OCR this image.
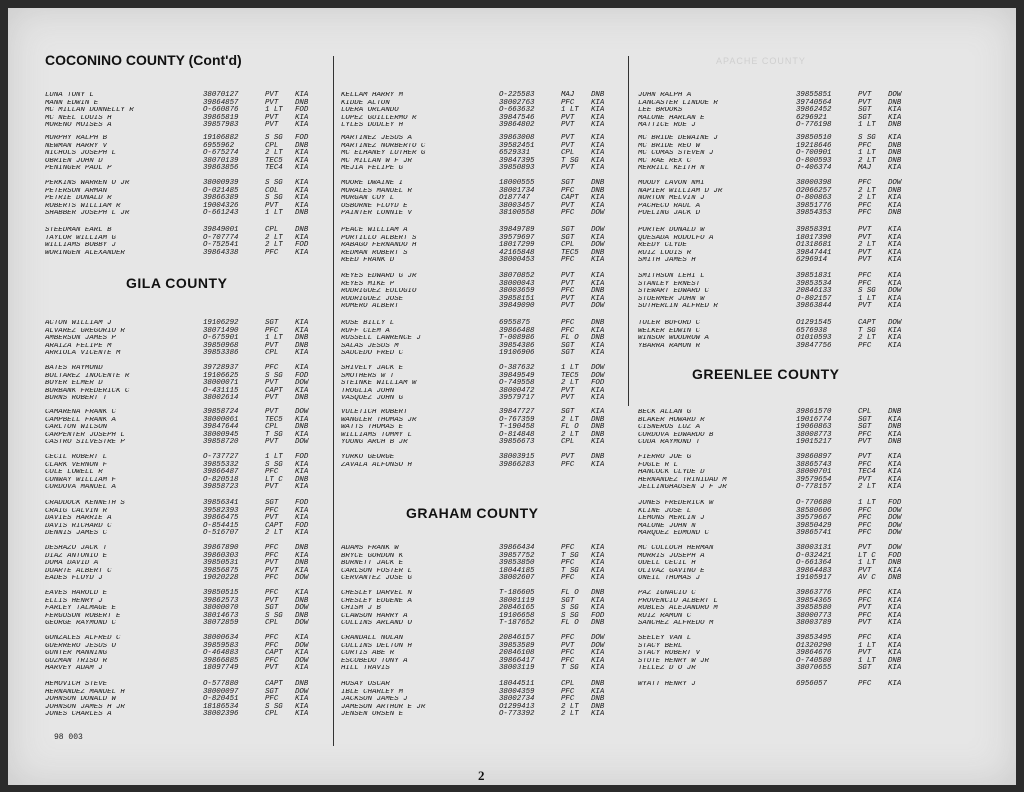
APACHE COUNTY
COCONINO COUNTY (Cont'd)
GILA COUNTY
GRAHAM COUNTY
GREENLEE COUNTY
LUNA TONY L	38070127	PVT	KIA
MANN EDWIN E	39864857	PVT	DNB
MC MILLAN DONNELLY R	O-660876	1 LT	FOD
MC NEEL LOUIS H	39865819	PVT	KIA
MORENO MOISES A	39857983	PVT	KIA
MURPHY RALPH B	19106882	S SG	FOD
NEWMAN HARRY V	6955962	CPL	DNB
NICHOLS JOSEPH L	O-675274	2 LT	KIA
OBRIEN JOHN D	38070139	TEC5	KIA
PENINGER PAUL P	39863856	TEC4	KIA
PERKINS WARREN O JR	38000939	S SG	KIA
PETERSON ARMAN	O-021485	COL	KIA
PETRIE DONALD R	39866389	S SG	KIA
ROBERTS WILLIAM R	19004326	PVT	KIA
SHABBER JOSEPH L JR	O-661243	1 LT	DNB
STEEDMAN EARL B	39849001	CPL	DNB
TAYLOR WILLIAM G	O-707774	2 LT	KIA
WILLIAMS BOBBY J	O-752541	2 LT	FOD
WORINGEN ALEXANDER	39864338	PFC	KIA
ACTON WILLIAM J	19106292	SGT	KIA
ALVAREZ GREGORIO R	38071490	PFC	KIA
AMBERSON JAMES P	O-675901	1 LT	DNB
ARAIZA FELIPE M	39850968	PVT	DNB
ARRIOLA VICENTE M	39853386	CPL	KIA
BATES RAYMOND	39728937	PFC	KIA
BOLTAREZ INOCENTE R	19106625	S SG	FOD
BOYER ELMER D	38000071	PVT	DOW
BURBANK FREDERICK C	O-431115	CAPT	KIA
BURNS ROBERT T	38002614	PVT	DNB
CAMARENA FRANK C	39858724	PVT	DOW
CAMPBELL FRANK A	38000061	TEC5	KIA
CARLTON WILSON	39847644	CPL	DNB
CARPENTER JOSEPH L	38000945	T SG	KIA
CASTRO SILVESTRE P	39858720	PVT	DOW
CECIL ROBERT L	O-737727	1 LT	FOD
CLARK VERNON F	39855332	S SG	KIA
COLE LOWELL R	39866487	PFC	KIA
CONWAY WILLIAM F	O-820518	LT C	DNB
CORDOVA MANUEL A	39858723	PVT	KIA
CRADDOCK KENNETH S	39856341	SGT	FOD
CRAIG CALVIN R	39582393	PFC	KIA
DAVIES HARRIE A	39866475	PVT	KIA
DAVIS RICHARD C	O-854415	CAPT	FOD
DENNIS JAMES C	O-516707	2 LT	KIA
DESHAZO JACK T	39867890	PFC	DNB
DIAZ ANTONIO E	39860303	PFC	KIA
DOMA DAVID A	39850531	PVT	DNB
DUARTE ALBERT C	39856875	PVT	KIA
EADES FLOYD J	19020228	PFC	DOW
EAVES HAROLD E	39850515	PFC	KIA
ELLIS HENRY J	39862573	PVT	DNB
FARLEY TALMAGE E	38000070	SGT	DOW
FERGUSON ROBERT E	38014673	S SG	DNB
GEORGE RAYMOND C	38072859	CPL	DOW
GONZALES ALFRED C	38000634	PFC	KIA
GUERRERO JESUS O	39859583	PFC	DOW
GUNTER MANNING	O-464883	CAPT	KIA
GUZMAN TRISO R	39866885	PFC	DOW
HARVEY ADAM J	18097749	PVT	KIA
HEMOVICH STEVE	O-577880	CAPT	DNB
HERNANDEZ MANUEL H	38000097	SGT	DOW
JOHNSON DONALD W	O-820451	PFC	KIA
JOHNSON JAMES H JR	18186534	S SG	KIA
JONES CHARLES A	38002396	CPL	KIA
KELLAM HARRY M	O-225583	MAJ	DNB
KIDDE ALTON	38002763	PFC	KIA
LOERA ORLANDO	O-663632	1 LT	KIA
LOPEZ GUILLERMO R	39847546	PVT	KIA
LYLES DUDLEY H	39864802	PVT	KIA
MARTINEZ JESUS A	39863008	PVT	KIA
MARTINEZ NORBERTO C	39582451	PVT	KIA
MC ELHANEY LUTHER G	6529331	CPL	KIA
MC MILLAN W F JR	39847395	T SG	KIA
MEJIA FELIPE G	39850893	PVT	KIA
MOORE DWAINE I	18000555	SGT	DNB
MORALES MANUEL R	38001734	PFC	DNB
MORGAN COY L	O187747	CAPT	KIA
OSBORNE FLOYD E	38003457	PVT	KIA
PAINTER LONNIE V	38100558	PFC	DOW
PEACE WILLIAM A	39849789	SGT	DOW
PORTILLO ALBERT S	39579697	SGT	KIA
RABAGO FERNANDO H	18017299	CPL	DOW
REDMAN ROBERT S	42165848	TEC5	DNB
REED FRANK D	38000453	PFC	KIA
REYES EDWARD G JR	38070852	PVT	KIA
REYES MIKE P	38000043	PVT	KIA
RODRIGUEZ EULOGIO	38003659	PFC	DNB
RODRIGUEZ JOSE	39858151	PVT	KIA
ROMERO ALBERT	39849090	PVT	DOW
ROSE BILLY L	6955875	PFC	DNB
RUFF CLEM A	39866488	PFC	KIA
RUSSELL LAWRENCE J	T-008986	FL O	DNB
SALAS JESUS M	39854386	SGT	KIA
SAUCEDO FRED C	19106906	SGT	KIA
SHIVELY JACK E	O-387632	1 LT	DOW
SMOTHERS W T	39849549	TEC5	DOW
STEINKE WILLIAM W	O-749558	2 LT	FOD
TROGLIA JOHN	38000472	PVT	KIA
VASQUEZ JOHN G	39579717	PVT	KIA
VULETICH ROBERT	39847727	SGT	KIA
WANGLER THOMAS JR	O-767359	2 LT	DNB
WATTS THOMAS E	T-190458	FL O	DNB
WILLIAMS TOMMY L	O-814848	2 LT	DNB
YOUNG ARCH B JR	39856673	CPL	KIA
YURKO GEORGE	38003915	PVT	DNB
ZAVALA ALFONSO H	39866283	PFC	KIA
ADAMS FRANK W	39866434	PFC	KIA
BRYCE GORDON K	39857752	T SG	KIA
BURNETT JACK E	39853850	PFC	KIA
CARLSON FOSTER L	18044185	T SG	KIA
CERVANTEZ JOSE G	38002607	PFC	KIA
CHESLEY DARVEL N	T-186605	FL O	DNB
CHESLEY EUGENE A	38001119	SGT	KIA
CHISM J B	20846165	S SG	KIA
CLAWSON HARRY A	19106658	S SG	FOD
COLLINS ARLAND O	T-187652	FL O	DNB
CRANDALL NOLAN	20846157	PFC	DOW
CULLINS DELTON H	39853589	PVT	DOW
CURTIS ABE R	20846108	PFC	KIA
ESCOBEDO TONY A	39866417	PFC	KIA
HILL TRAVIS	38003119	T SG	KIA
HOSAY OSCAR	18044511	CPL	DNB
IBLE CHARLEY M	38004359	PFC	KIA
JACKSON JAMES J	38002734	PFC	DNB
JAMESON ARTHUR E JR	O1299413	2 LT	DNB
JENSEN ORSEN E	O-773392	2 LT	KIA
JOHN RALPH A	39855851	PVT	DOW
LANCASTER LINDOE R	39740564	PVT	DNB
LEE BROOKS	39862452	SGT	KIA
MALONE HARLAN E	6296921	SGT	KIA
MATTICE RUE J	O-776198	1 LT	DNB
MC BRIDE DEWAINE J	39850510	S SG	KIA
MC BRIDE REO W	19218646	PFC	DNB
MC COMAS STEVEN J	O-700901	1 LT	DNB
MC RAE REX C	O-800593	2 LT	DNB
MERRILL KEITH N	O-406374	MAJ	KIA
MOODY LAVON NMI	38000398	PFC	DOW
NAPIER WILLIAM D JR	O2066257	2 LT	DNB
NORTON MELVIN J	O-800863	2 LT	KIA
PACHECO RAUL A	39851776	PFC	KIA
POELING JACK D	39854353	PFC	DNB
PORTER DONALD W	39858391	PVT	KIA
QUESADA RODOLFO A	18017390	PVT	KIA
REEDY CLYDE	O1318681	2 LT	KIA
RUIZ LOUIS R	39847441	PVT	KIA
SMITH JAMES H	6296914	PVT	KIA
SMITHSON LEHI L	39851831	PFC	KIA
STANLEY ERNEST	39853534	PFC	KIA
STEWART EDWARD C	20846133	S SG	DOW
STUERMER JOHN W	O-802157	1 LT	KIA
SUTHERLIN ALFRED R	39863844	PVT	KIA
TOLER BUFORD C	O1291545	CAPT	DOW
WELKER EDWIN C	6576938	T SG	KIA
WINSOR WOODROW A	O1010593	2 LT	KIA
YBARRA RAMON R	39847756	PFC	KIA
BECK ALLAN G	39861570	CPL	DNB
BLAKER HOWARD R	19016774	SGT	KIA
CISNEROS LUZ A	19060863	SGT	DNB
CORDOVA EDWARDO B	38008773	PFC	KIA
CUDA RAYMOND T	19015217	PVT	DNB
FIERRO JOE G	39860897	PVT	KIA
FOGLE R L	38865743	PFC	KIA
HANCOCK CLYDE D	38000701	TEC4	KIA
HERNANDEZ TRINIDAD M	39579654	PVT	KIA
JELLINGHAUSEN J F JR	O-778157	2 LT	KIA
JONES FREDERICK W	O-770680	1 LT	FOD
KLINE JOSE L	38580606	PFC	DOW
LEMONS MERLIN J	39579667	PFC	DOW
MALONE JOHN N	39850429	PFC	DOW
MARQUEZ EDMUND C	39865741	PFC	DOW
MC CULLOCH HERMAN	38003131	PVT	DOW
MORRIS JOSEPH A	O-032421	LT C	FOD
ODELL CECIL H	O-661364	1 LT	DNB
OLIVAZ GAVINO E	39864483	PVT	KIA
ONEIL THOMAS J	19105917	AV C	DNB
PAZ IGNACIO C	39863776	PFC	KIA
PROVENCIO ALBERT L	39854365	PFC	KIA
ROBLES ALEJANDRO M	39858580	PVT	KIA
RUIZ RAMON C	38000773	PFC	KIA
SANCHEZ ALFREDO M	38003789	PVT	KIA
SEELEY VAN L	39853495	PFC	KIA
STACY BERL	O1320290	1 LT	KIA
STACY ROBERT V	39864676	PVT	KIA
STUTE HENRY W JR	O-740580	1 LT	DNB
TELLEZ D O JR	38070655	SGT	KIA
WYATT HENRY J	6956057	PFC	KIA
98 003
2
